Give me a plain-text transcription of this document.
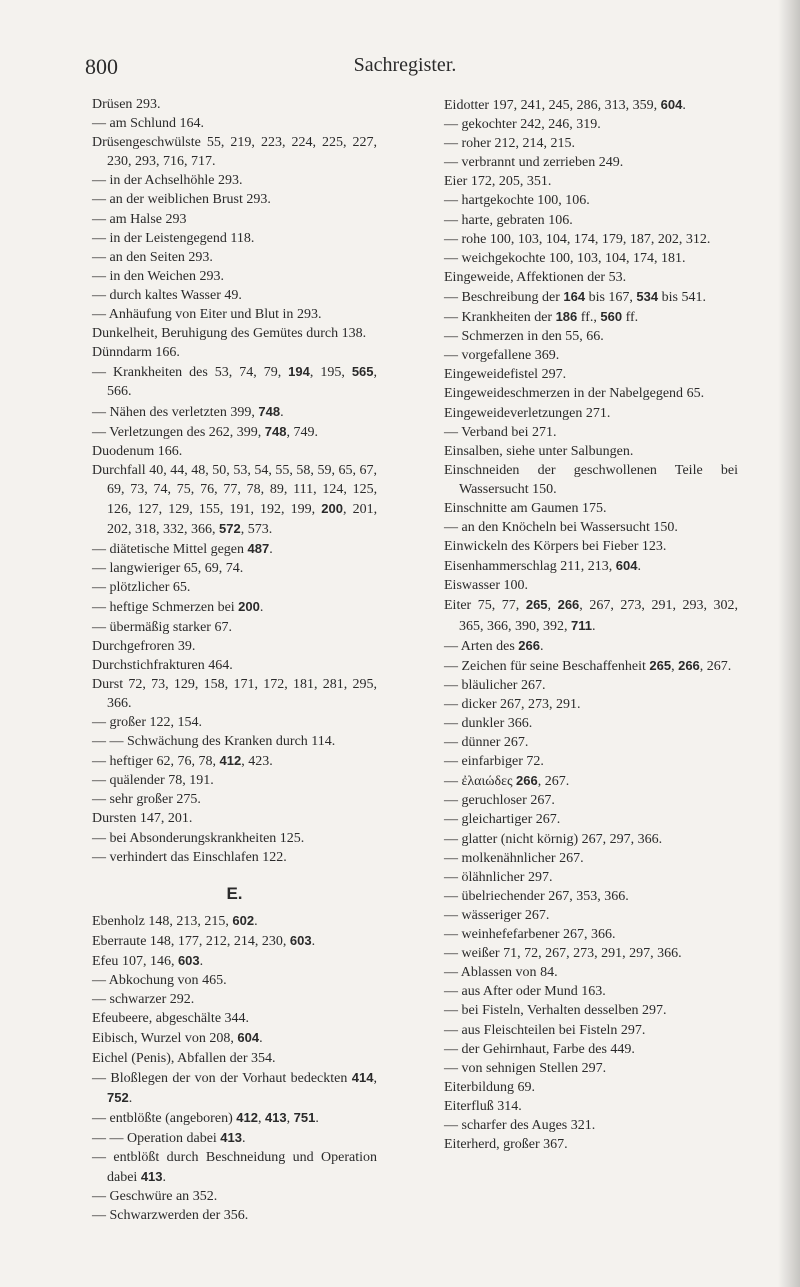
800	Sachregister.

Drüsen 293.

— am Schlund 164.

Drüsengeschwülste 55, 219, 223, 224, 225, 227, 230, 293, 716, 717.

— in der Achselhöhle 293.

— an der weiblichen Brust 293.

— am Halse 293

— in der Leistengegend 118.

— an den Seiten 293.

— in den Weichen 293.

— durch kaltes Wasser 49.

— Anhäufung von Eiter und Blut in 293.

Dunkelheit, Beruhigung des Gemütes durch 138.

Dünndarm 166.

— Krankheiten des 53, 74, 79, 194, 195, 565, 566.

— Nähen des verletzten 399, 748.

— Verletzungen des 262, 399, 748, 749.

Duodenum 166.

Durchfall 40, 44, 48, 50, 53, 54, 55, 58, 59, 65, 67, 69, 73, 74, 75, 76, 77, 78, 89, 111, 124, 125, 126, 127, 129, 155, 191, 192, 199, 200, 201, 202, 318, 332, 366, 572, 573.

— diätetische Mittel gegen 487.

— langwieriger 65, 69, 74.

— plötzlicher 65.

— heftige Schmerzen bei 200.

— übermäßig starker 67.

Durchgefroren 39.

Durchstichfrakturen 464.

Durst 72, 73, 129, 158, 171, 172, 181, 281, 295, 366.

— großer 122, 154.

— — Schwächung des Kranken durch 114.

— heftiger 62, 76, 78, 412, 423.

— quälender 78, 191.

— sehr großer 275.

Dursten 147, 201.

— bei Absonderungskrankheiten 125.

— verhindert das Einschlafen 122.

E.

Ebenholz 148, 213, 215, 602.

Eberraute 148, 177, 212, 214, 230, 603.

Efeu 107, 146, 603.

— Abkochung von 465.

— schwarzer 292.

Efeubeere, abgeschälte 344.

Eibisch, Wurzel von 208, 604.

Eichel (Penis), Abfallen der 354.

— Bloßlegen der von der Vorhaut bedeckten 414, 752.

— entblößte (angeboren) 412, 413, 751.

— — Operation dabei 413.

— entblößt durch Beschneidung und Operation dabei 413.

— Geschwüre an 352.

— Schwarzwerden der 356.

Eidotter 197, 241, 245, 286, 313, 359, 604.

— gekochter 242, 246, 319.

— roher 212, 214, 215.

— verbrannt und zerrieben 249.

Eier 172, 205, 351.

— hartgekochte 100, 106.

— harte, gebraten 106.

— rohe 100, 103, 104, 174, 179, 187, 202, 312.

— weichgekochte 100, 103, 104, 174, 181.

Eingeweide, Affektionen der 53.

— Beschreibung der 164 bis 167, 534 bis 541.

— Krankheiten der 186 ff., 560 ff.

— Schmerzen in den 55, 66.

— vorgefallene 369.

Eingeweidefistel 297.

Eingeweideschmerzen in der Nabelgegend 65.

Eingeweideverletzungen 271.

— Verband bei 271.

Einsalben, siehe unter Salbungen.

Einschneiden der geschwollenen Teile bei Wassersucht 150.

Einschnitte am Gaumen 175.

— an den Knöcheln bei Wassersucht 150.

Einwickeln des Körpers bei Fieber 123.

Eisenhammerschlag 211, 213, 604.

Eiswasser 100.

Eiter 75, 77, 265, 266, 267, 273, 291, 293, 302, 365, 366, 390, 392, 711.

— Arten des 266.

— Zeichen für seine Beschaffenheit 265, 266, 267.

— bläulicher 267.

— dicker 267, 273, 291.

— dunkler 366.

— dünner 267.

— einfarbiger 72.

— ἐλαιώδες 266, 267.

— geruchloser 267.

— gleichartiger 267.

— glatter (nicht körnig) 267, 297, 366.

— molkenähnlicher 267.

— ölähnlicher 297.

— übelriechender 267, 353, 366.

— wässeriger 267.

— weinhefefarbener 267, 366.

— weißer 71, 72, 267, 273, 291, 297, 366.

— Ablassen von 84.

— aus After oder Mund 163.

— bei Fisteln, Verhalten desselben 297.

— aus Fleischteilen bei Fisteln 297.

— der Gehirnhaut, Farbe des 449.

— von sehnigen Stellen 297.

Eiterbildung 69.

Eiterfluß 314.

— scharfer des Auges 321.

Eiterherd, großer 367.
